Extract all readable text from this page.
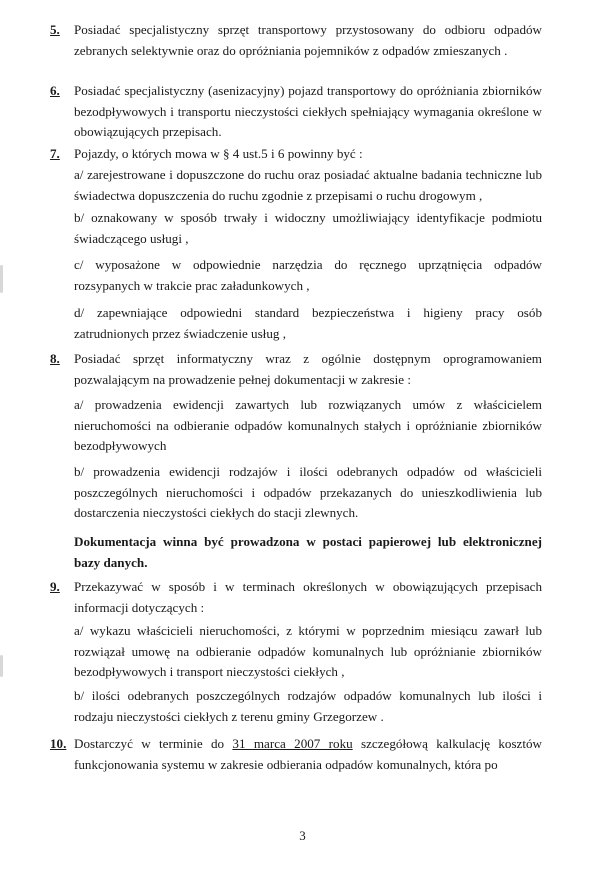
5.	Posiadać specjalistyczny sprzęt transportowy przystosowany do odbioru odpadów zebranych selektywnie oraz do opróżniania pojemników z odpadów zmieszanych .
6.	Posiadać specjalistyczny (asenizacyjny) pojazd transportowy do opróżniania zbiorników bezodpływowych i transportu nieczystości ciekłych spełniający wymagania określone w obowiązujących przepisach.
7.	Pojazdy, o których mowa w § 4 ust.5 i 6 powinny być :
a/ zarejestrowane i dopuszczone do ruchu oraz posiadać aktualne badania techniczne lub świadectwa dopuszczenia do ruchu zgodnie z przepisami o ruchu drogowym ,
b/ oznakowany w sposób trwały i widoczny umożliwiający identyfikacje podmiotu świadczącego usługi ,
c/ wyposażone w odpowiednie narzędzia do ręcznego uprzątnięcia odpadów rozsypanych w trakcie prac załadunkowych ,
d/ zapewniające odpowiedni standard bezpieczeństwa i higieny pracy osób zatrudnionych przez świadczenie usług ,
8.	Posiadać sprzęt informatyczny wraz z ogólnie dostępnym oprogramowaniem pozwalającym na prowadzenie pełnej dokumentacji w zakresie :
a/ prowadzenia ewidencji zawartych lub rozwiązanych umów z właścicielem nieruchomości na odbieranie odpadów komunalnych stałych i opróżnianie zbiorników bezodpływowych
b/ prowadzenia ewidencji rodzajów i ilości odebranych odpadów od właścicieli poszczególnych nieruchomości i odpadów przekazanych do unieszkodliwienia lub dostarczenia nieczystości ciekłych do stacji zlewnych.
Dokumentacja winna być prowadzona w postaci papierowej lub elektronicznej bazy danych.
9.	Przekazywać w sposób i w terminach określonych w obowiązujących przepisach informacji dotyczących :
a/ wykazu właścicieli nieruchomości, z którymi w poprzednim miesiącu zawarł lub rozwiązał umowę na odbieranie odpadów komunalnych lub opróżnianie zbiorników bezodpływowych i transport nieczystości ciekłych ,
b/ ilości odebranych poszczególnych rodzajów odpadów komunalnych lub ilości i rodzaju nieczystości ciekłych z terenu gminy Grzegorzew .
10. Dostarczyć w terminie do 31 marca 2007 roku szczegółową kalkulację kosztów funkcjonowania systemu w zakresie odbierania odpadów komunalnych, która po
3
